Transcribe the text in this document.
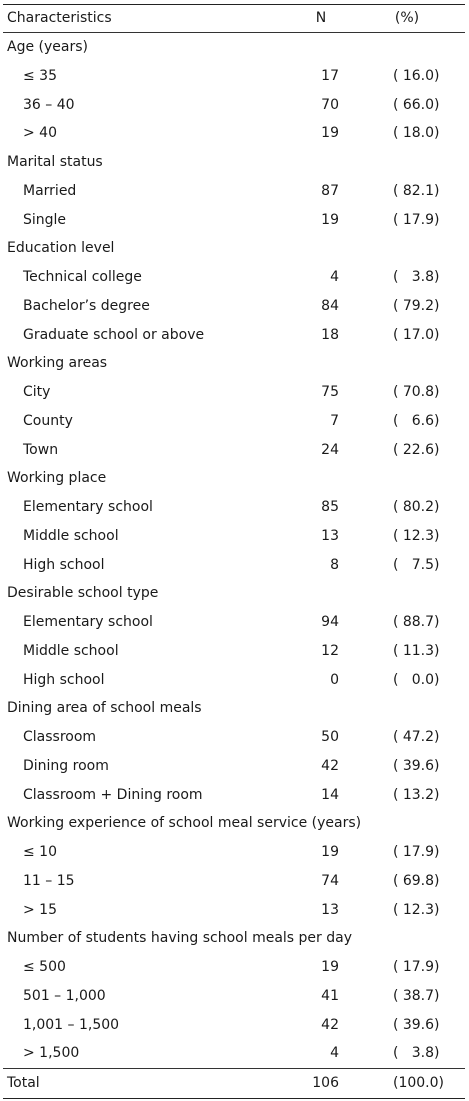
Characteristics	N	(%)
Age (years)
≤ 35	17	( 16.0 )
36 – 40	70	( 66.0 )
> 40	19	( 18.0 )
Marital status
Married	87	( 82.1 )
Single	19	( 17.9 )
Education level
Technical college	4	( 3.8 )
Bachelor’s degree	84	( 79.2 )
Graduate school or above	18	( 17.0 )
Working areas
City	75	( 70.8 )
County	7	( 6.6 )
Town	24	( 22.6 )
Working place
Elementary school	85	( 80.2 )
Middle school	13	( 12.3 )
High school	8	( 7.5 )
Desirable school type
Elementary school	94	( 88.7 )
Middle school	12	( 11.3 )
High school	0	( 0.0 )
Dining area of school meals
Classroom	50	( 47.2 )
Dining room	42	( 39.6 )
Classroom + Dining room	14	( 13.2 )
Working experience of school meal service (years)
≤ 10	19	( 17.9 )
11 – 15	74	( 69.8 )
> 15	13	( 12.3 )
Number of students having school meals per day
≤ 500	19	( 17.9 )
501 – 1,000	41	( 38.7 )
1,001 – 1,500	42	( 39.6 )
> 1,500	4	( 3.8 )
Total	106	(100.0)
